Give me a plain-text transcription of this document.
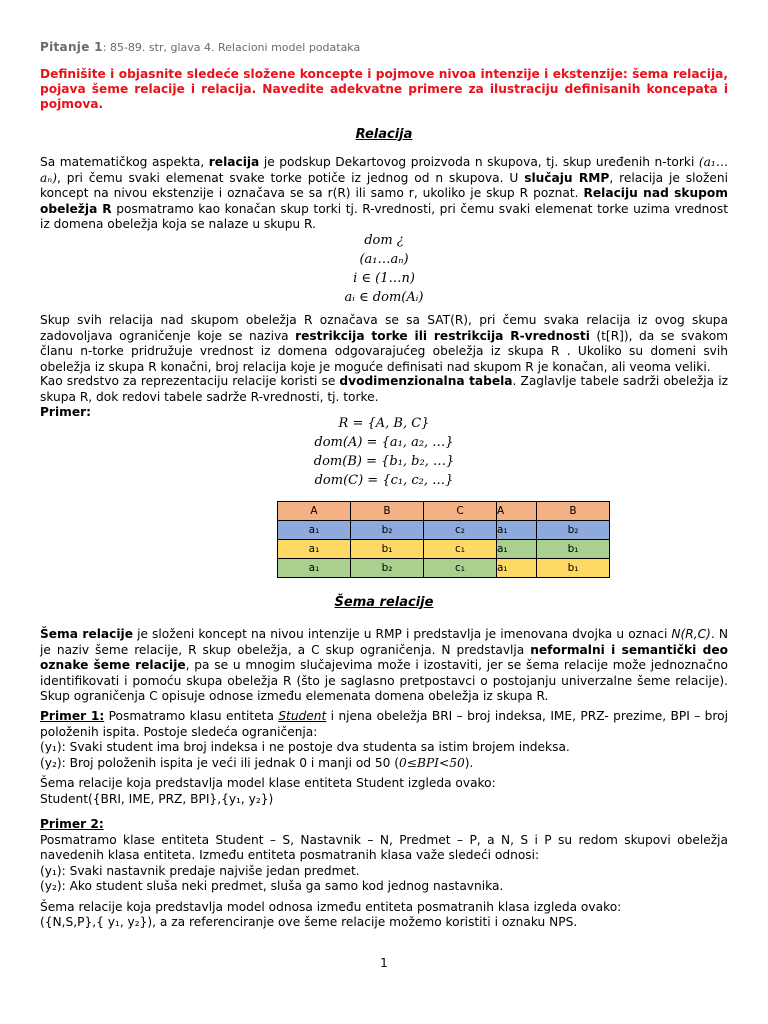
Pitanje 1: 85-89. str, glava 4. Relacioni model podataka
Definišite i objasnite sledeće složene koncepte i pojmove nivoa intenzije i ekstenzije: šema relacija, pojava šeme relacije i relacija. Navedite adekvatne primere za ilustraciju definisanih koncepata i pojmova.
Relacija
Sa matematičkog aspekta, relacija je podskup Dekartovog proizvoda n skupova, tj. skup uređenih n-torki (a₁…aₙ), pri čemu svaki elemenat svake torke potiče iz jednog od n skupova. U slučaju RMP, relacija je složeni koncept na nivou ekstenzije i označava se sa r(R) ili samo r, ukoliko je skup R poznat. Relaciju nad skupom obeležja R posmatramo kao konačan skup torki tj. R-vrednosti, pri čemu svaki elemenat torke uzima vrednost iz domena obeležja koja se nalaze u skupu R.
dom ¿
(a₁…aₙ)
i ∈ (1…n)
aᵢ ∈ dom(Aᵢ)
Skup svih relacija nad skupom obeležja R označava se sa SAT(R), pri čemu svaka relacija iz ovog skupa zadovoljava ograničenje koje se naziva restrikcija torke ili restrikcija R-vrednosti (t[R]), da se svakom članu n-torke pridružuje vrednost iz domena odgovarajućeg obeležja iz skupa R . Ukoliko su domeni svih obeležja iz skupa R konačni, broj relacija koje je moguće definisati nad skupom R je konačan, ali veoma veliki.
Kao sredstvo za reprezentaciju relacije koristi se dvodimenzionalna tabela. Zaglavlje tabele sadrži obeležja iz skupa R, dok redovi tabele sadrže R-vrednosti, tj. torke.
Primer:
R = {A, B, C}
dom(A) = {a₁, a₂, …}
dom(B) = {b₁, b₂, …}
dom(C) = {c₁, c₂, …}
A	B	C	A	B
a₁	b₂	c₂	a₁	b₂
a₁	b₁	c₁	a₁	b₁
a₁	b₂	c₁	a₁	b₁
Šema relacije
Šema relacije je složeni koncept na nivou intenzije u RMP i predstavlja je imenovana dvojka u oznaci N(R,C). N je naziv šeme relacije, R skup obeležja, a C skup ograničenja. N predstavlja neformalni i semantički deo oznake šeme relacije, pa se u mnogim slučajevima može i izostaviti, jer se šema relacije može jednoznačno identifikovati i pomoću skupa obeležja R (što je saglasno pretpostavci o postojanju univerzalne šeme relacije). Skup ograničenja C opisuje odnose između elemenata domena obeležja iz skupa R.
Primer 1: Posmatramo klasu entiteta Student i njena obeležja BRI – broj indeksa, IME, PRZ- prezime, BPI – broj položenih ispita. Postoje sledeća ograničenja:
(y₁): Svaki student ima broj indeksa i ne postoje dva studenta sa istim brojem indeksa.
(y₂): Broj položenih ispita je veći ili jednak 0 i manji od 50 (0≤BPI<50).
Šema relacije koja predstavlja model klase entiteta Student izgleda ovako:
Student({BRI, IME, PRZ, BPI},{y₁, y₂})
Primer 2:
Posmatramo klase entiteta Student – S, Nastavnik – N, Predmet – P, a N, S i P su redom skupovi obeležja navedenih klasa entiteta. Između entiteta posmatranih klasa važe sledeći odnosi:
(y₁): Svaki nastavnik predaje najviše jedan predmet.
(y₂): Ako student sluša neki predmet, sluša ga samo kod jednog nastavnika.
Šema relacije koja predstavlja model odnosa između entiteta posmatranih klasa izgleda ovako:
({N,S,P},{ y₁, y₂}), a za referenciranje ove šeme relacije možemo koristiti i oznaku NPS.
1
